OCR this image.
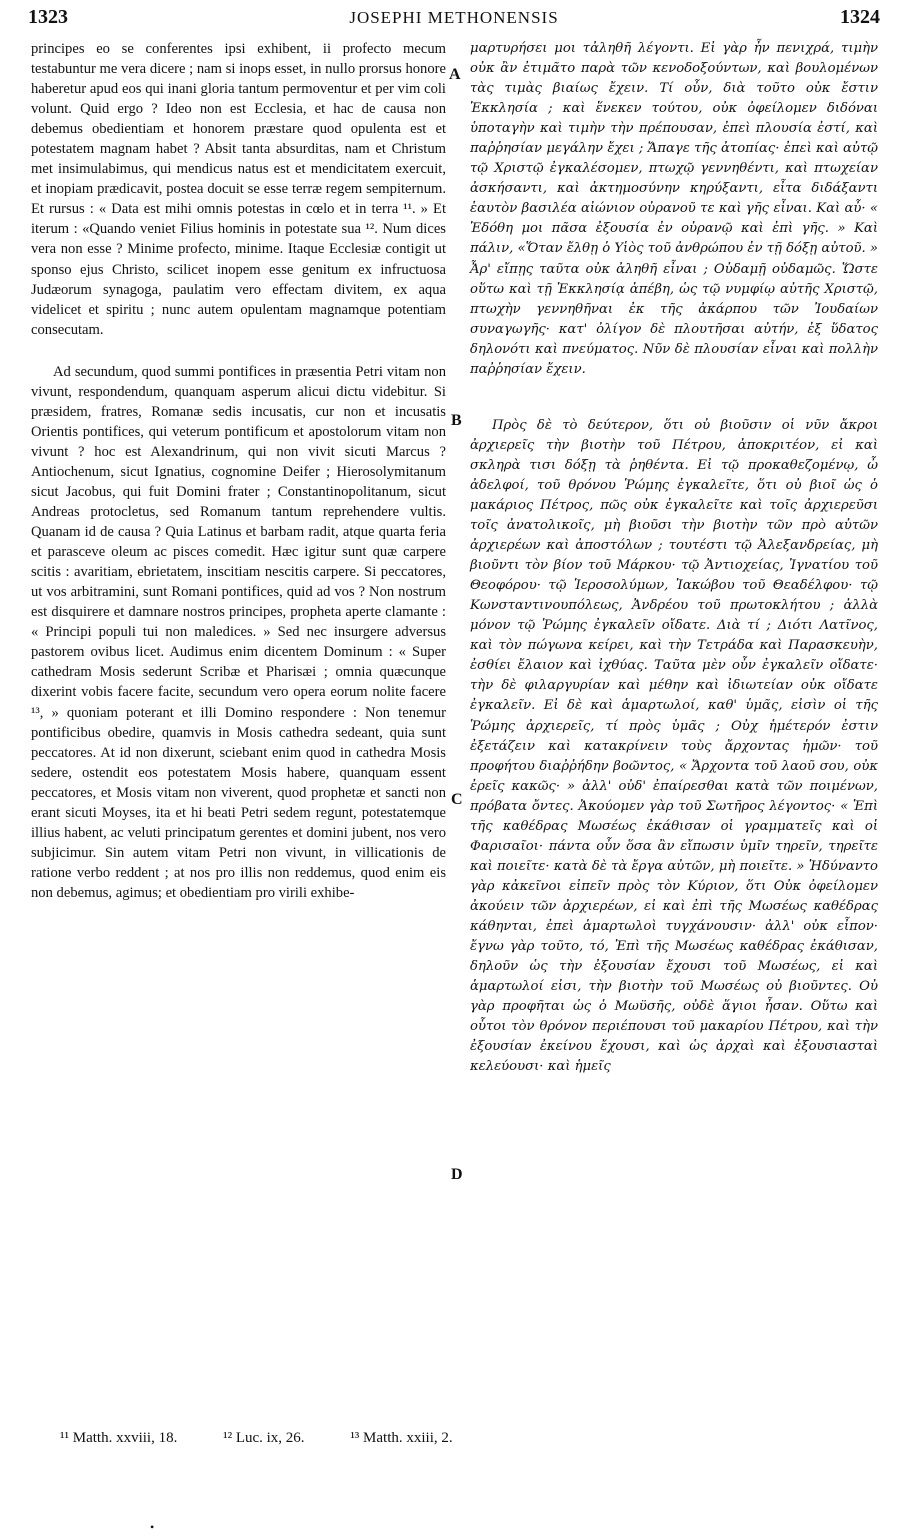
1323	JOSEPHI METHONENSIS	1324

principes eo se conferentes ipsi exhibent, ii profecto mecum testabuntur me vera dicere ; nam si inops esset, in nullo prorsus honore haberetur apud eos qui inani gloria tantum permoventur et per vim coli volunt. Quid ergo ? Ideo non est Ecclesia, et hac de causa non debemus obedientiam et honorem præstare quod opulenta est et potestatem magnam habet ? Absit tanta absurditas, nam et Christum met insimulabimus, qui mendicus natus est et mendicitatem exercuit, et inopiam prædicavit, postea docuit se esse terræ regem sempiternum. Et rursus : « Data est mihi omnis potestas in cœlo et in terra ¹¹. » Et iterum : «Quando veniet Filius hominis in potestate sua ¹². Num dices vera non esse ? Minime profecto, minime. Itaque Ecclesiæ contigit ut sponso ejus Christo, scilicet inopem esse genitum ex infructuosa Judæorum synagoga, paulatim vero effectam divitem, ex aqua videlicet et spiritu ; nunc autem opulentam magnamque potentiam consecutam.

Ad secundum, quod summi pontifices in præsentia Petri vitam non vivunt, respondendum, quanquam asperum alicui dictu videbitur. Si præsidem, fratres, Romanæ sedis incusatis, cur non et incusatis Orientis pontifices, qui veterum pontificum et apostolorum vitam non vivunt ? hoc est Alexandrinum, qui non vivit sicuti Marcus ? Antiochenum, sicut Ignatius, cognomine Deifer ; Hierosolymitanum sicut Jacobus, qui fuit Domini frater ; Constantinopolitanum, sicut Andreas protocletus, sed Romanum tantum reprehendere vultis. Quanam id de causa ? Quia Latinus et barbam radit, atque quarta feria et parasceve oleum ac pisces comedit. Hæc igitur sunt quæ carpere scitis : avaritiam, ebrietatem, inscitiam nescitis carpere. Si peccatores, ut vos arbitramini, sunt Romani pontifices, quid ad vos ? Non nostrum est disquirere et damnare nostros principes, propheta aperte clamante : « Principi populi tui non maledices. » Sed nec insurgere adversus pastorem ovibus licet. Audimus enim dicentem Dominum : « Super cathedram Mosis sederunt Scribæ et Pharisæi ; omnia quæcunque dixerint vobis facere facite, secundum vero opera eorum nolite facere ¹³, » quoniam poterant et illi Domino respondere : Non tenemur pontificibus obedire, quamvis in Mosis cathedra sedeant, quia sunt peccatores. At id non dixerunt, sciebant enim quod in cathedra Mosis sedere, ostendit eos potestatem Mosis habere, quanquam essent peccatores, et Mosis vitam non viverent, quod prophetæ et sancti non erant sicuti Moyses, ita et hi beati Petri sedem regunt, potestatemque illius habent, ac veluti principatum gerentes et domini jubent, nos vero subjicimur. Sin autem vitam Petri non vivunt, in villicationis de ratione verbo reddent ; at nos pro illis non reddemus, quod enim eis non debemus, agimus; et obedientiam pro virili exhibe-

μαρτυρήσει μοι τἀληθῆ λέγοντι. Εἰ γὰρ ἦν πενιχρά, τιμὴν οὐκ ἂν ἐτιμᾶτο παρὰ τῶν κενοδοξούντων, καὶ βουλομένων τὰς τιμὰς βιαίως ἔχειν. Τί οὖν, διὰ τοῦτο οὐκ ἔστιν Ἐκκλησία ; καὶ ἕνεκεν τούτου, οὐκ ὀφείλομεν διδόναι ὑποταγὴν καὶ τιμὴν τὴν πρέπουσαν, ἐπεὶ πλουσία ἐστί, καὶ παῤῥησίαν μεγάλην ἔχει ; Ἄπαγε τῆς ἀτοπίας· ἐπεὶ καὶ αὐτῷ τῷ Χριστῷ ἐγκαλέσομεν, πτωχῷ γεννηθέντι, καὶ πτωχείαν ἀσκήσαντι, καὶ ἀκτημοσύνην κηρύξαντι, εἶτα διδάξαντι ἑαυτὸν βασιλέα αἰώνιον οὐρανοῦ τε καὶ γῆς εἶναι. Καὶ αὖ· « Ἐδόθη μοι πᾶσα ἐξουσία ἐν οὐρανῷ καὶ ἐπὶ γῆς. » Καὶ πάλιν, «Ὅταν ἔλθῃ ὁ Υἱὸς τοῦ ἀνθρώπου ἐν τῇ δόξῃ αὐτοῦ. » Ἆρ' εἴπῃς ταῦτα οὐκ ἀληθῆ εἶναι ; Οὐδαμῇ οὐδαμῶς. Ὥστε οὕτω καὶ τῇ Ἐκκλησίᾳ ἀπέβη, ὡς τῷ νυμφίῳ αὐτῆς Χριστῷ, πτωχὴν γεννηθῆναι ἐκ τῆς ἀκάρπου τῶν Ἰουδαίων συναγωγῆς· κατ' ὀλίγον δὲ πλουτῆσαι αὐτήν, ἐξ ὕδατος δηλονότι καὶ πνεύματος. Νῦν δὲ πλουσίαν εἶναι καὶ πολλὴν παῤῥησίαν ἔχειν.

Πρὸς δὲ τὸ δεύτερον, ὅτι οὐ βιοῦσιν οἱ νῦν ἄκροι ἀρχιερεῖς τὴν βιοτὴν τοῦ Πέτρου, ἀποκριτέον, εἰ καὶ σκληρὰ τισι δόξῃ τὰ ῥηθέντα. Εἰ τῷ προκαθεζομένῳ, ὦ ἀδελφοί, τοῦ θρόνου Ῥώμης ἐγκαλεῖτε, ὅτι οὐ βιοῖ ὡς ὁ μακάριος Πέτρος, πῶς οὐκ ἐγκαλεῖτε καὶ τοῖς ἀρχιερεῦσι τοῖς ἀνατολικοῖς, μὴ βιοῦσι τὴν βιοτὴν τῶν πρὸ αὐτῶν ἀρχιερέων καὶ ἀποστόλων ; τουτέστι τῷ Ἀλεξανδρείας, μὴ βιοῦντι τὸν βίον τοῦ Μάρκου· τῷ Ἀντιοχείας, Ἰγνατίου τοῦ Θεοφόρου· τῷ Ἱεροσολύμων, Ἰακώβου τοῦ Θεαδέλφου· τῷ Κωνσταντινουπόλεως, Ἀνδρέου τοῦ πρωτοκλήτου ; ἀλλὰ μόνον τῷ Ῥώμης ἐγκαλεῖν οἴδατε. Διὰ τί ; Διότι Λατῖνος, καὶ τὸν πώγωνα κείρει, καὶ τὴν Τετράδα καὶ Παρασκευὴν, ἐσθίει ἔλαιον καὶ ἰχθύας. Ταῦτα μὲν οὖν ἐγκαλεῖν οἴδατε· τὴν δὲ φιλαργυρίαν καὶ μέθην καὶ ἰδιωτείαν οὐκ οἴδατε ἐγκαλεῖν. Εἰ δὲ καὶ ἁμαρτωλοί, καθ' ὑμᾶς, εἰσὶν οἱ τῆς Ῥώμης ἀρχιερεῖς, τί πρὸς ὑμᾶς ; Οὐχ ἡμέτερόν ἐστιν ἐξετάζειν καὶ κατακρίνειν τοὺς ἄρχοντας ἡμῶν· τοῦ προφήτου διαῤῥήδην βοῶντος, « Ἄρχοντα τοῦ λαοῦ σου, οὐκ ἐρεῖς κακῶς· » ἀλλ' οὐδ' ἐπαίρεσθαι κατὰ τῶν ποιμένων, πρόβατα ὄντες. Ἀκούομεν γὰρ τοῦ Σωτῆρος λέγοντος· « Ἐπὶ τῆς καθέδρας Μωσέως ἐκάθισαν οἱ γραμματεῖς καὶ οἱ Φαρισαῖοι· πάντα οὖν ὅσα ἂν εἴπωσιν ὑμῖν τηρεῖν, τηρεῖτε καὶ ποιεῖτε· κατὰ δὲ τὰ ἔργα αὐτῶν, μὴ ποιεῖτε. » Ἠδύναντο γὰρ κἀκεῖνοι εἰπεῖν πρὸς τὸν Κύριον, ὅτι Οὐκ ὀφείλομεν ἀκούειν τῶν ἀρχιερέων, εἰ καὶ ἐπὶ τῆς Μωσέως καθέδρας κάθηνται, ἐπεὶ ἁμαρτωλοὶ τυγχάνουσιν· ἀλλ' οὐκ εἶπον· ἔγνω γὰρ τοῦτο, τό, Ἐπὶ τῆς Μωσέως καθέδρας ἐκάθισαν, δηλοῦν ὡς τὴν ἐξουσίαν ἔχουσι τοῦ Μωσέως, εἰ καὶ ἁμαρτωλοί εἰσι, τὴν βιοτὴν τοῦ Μωσέως οὐ βιοῦντες. Οὐ γὰρ προφῆται ὡς ὁ Μωϋσῆς, οὐδὲ ἅγιοι ἦσαν. Οὕτω καὶ οὗτοι τὸν θρόνον περιέπουσι τοῦ μακαρίου Πέτρου, καὶ τὴν ἐξουσίαν ἐκείνου ἔχουσι, καὶ ὡς ἀρχαὶ καὶ ἐξουσιασταὶ κελεύουσι· καὶ ἡμεῖς

A
B
C
D
¹¹ Matth. xxviii, 18.	¹² Luc. ix, 26.	¹³ Matth. xxiii, 2.
•
